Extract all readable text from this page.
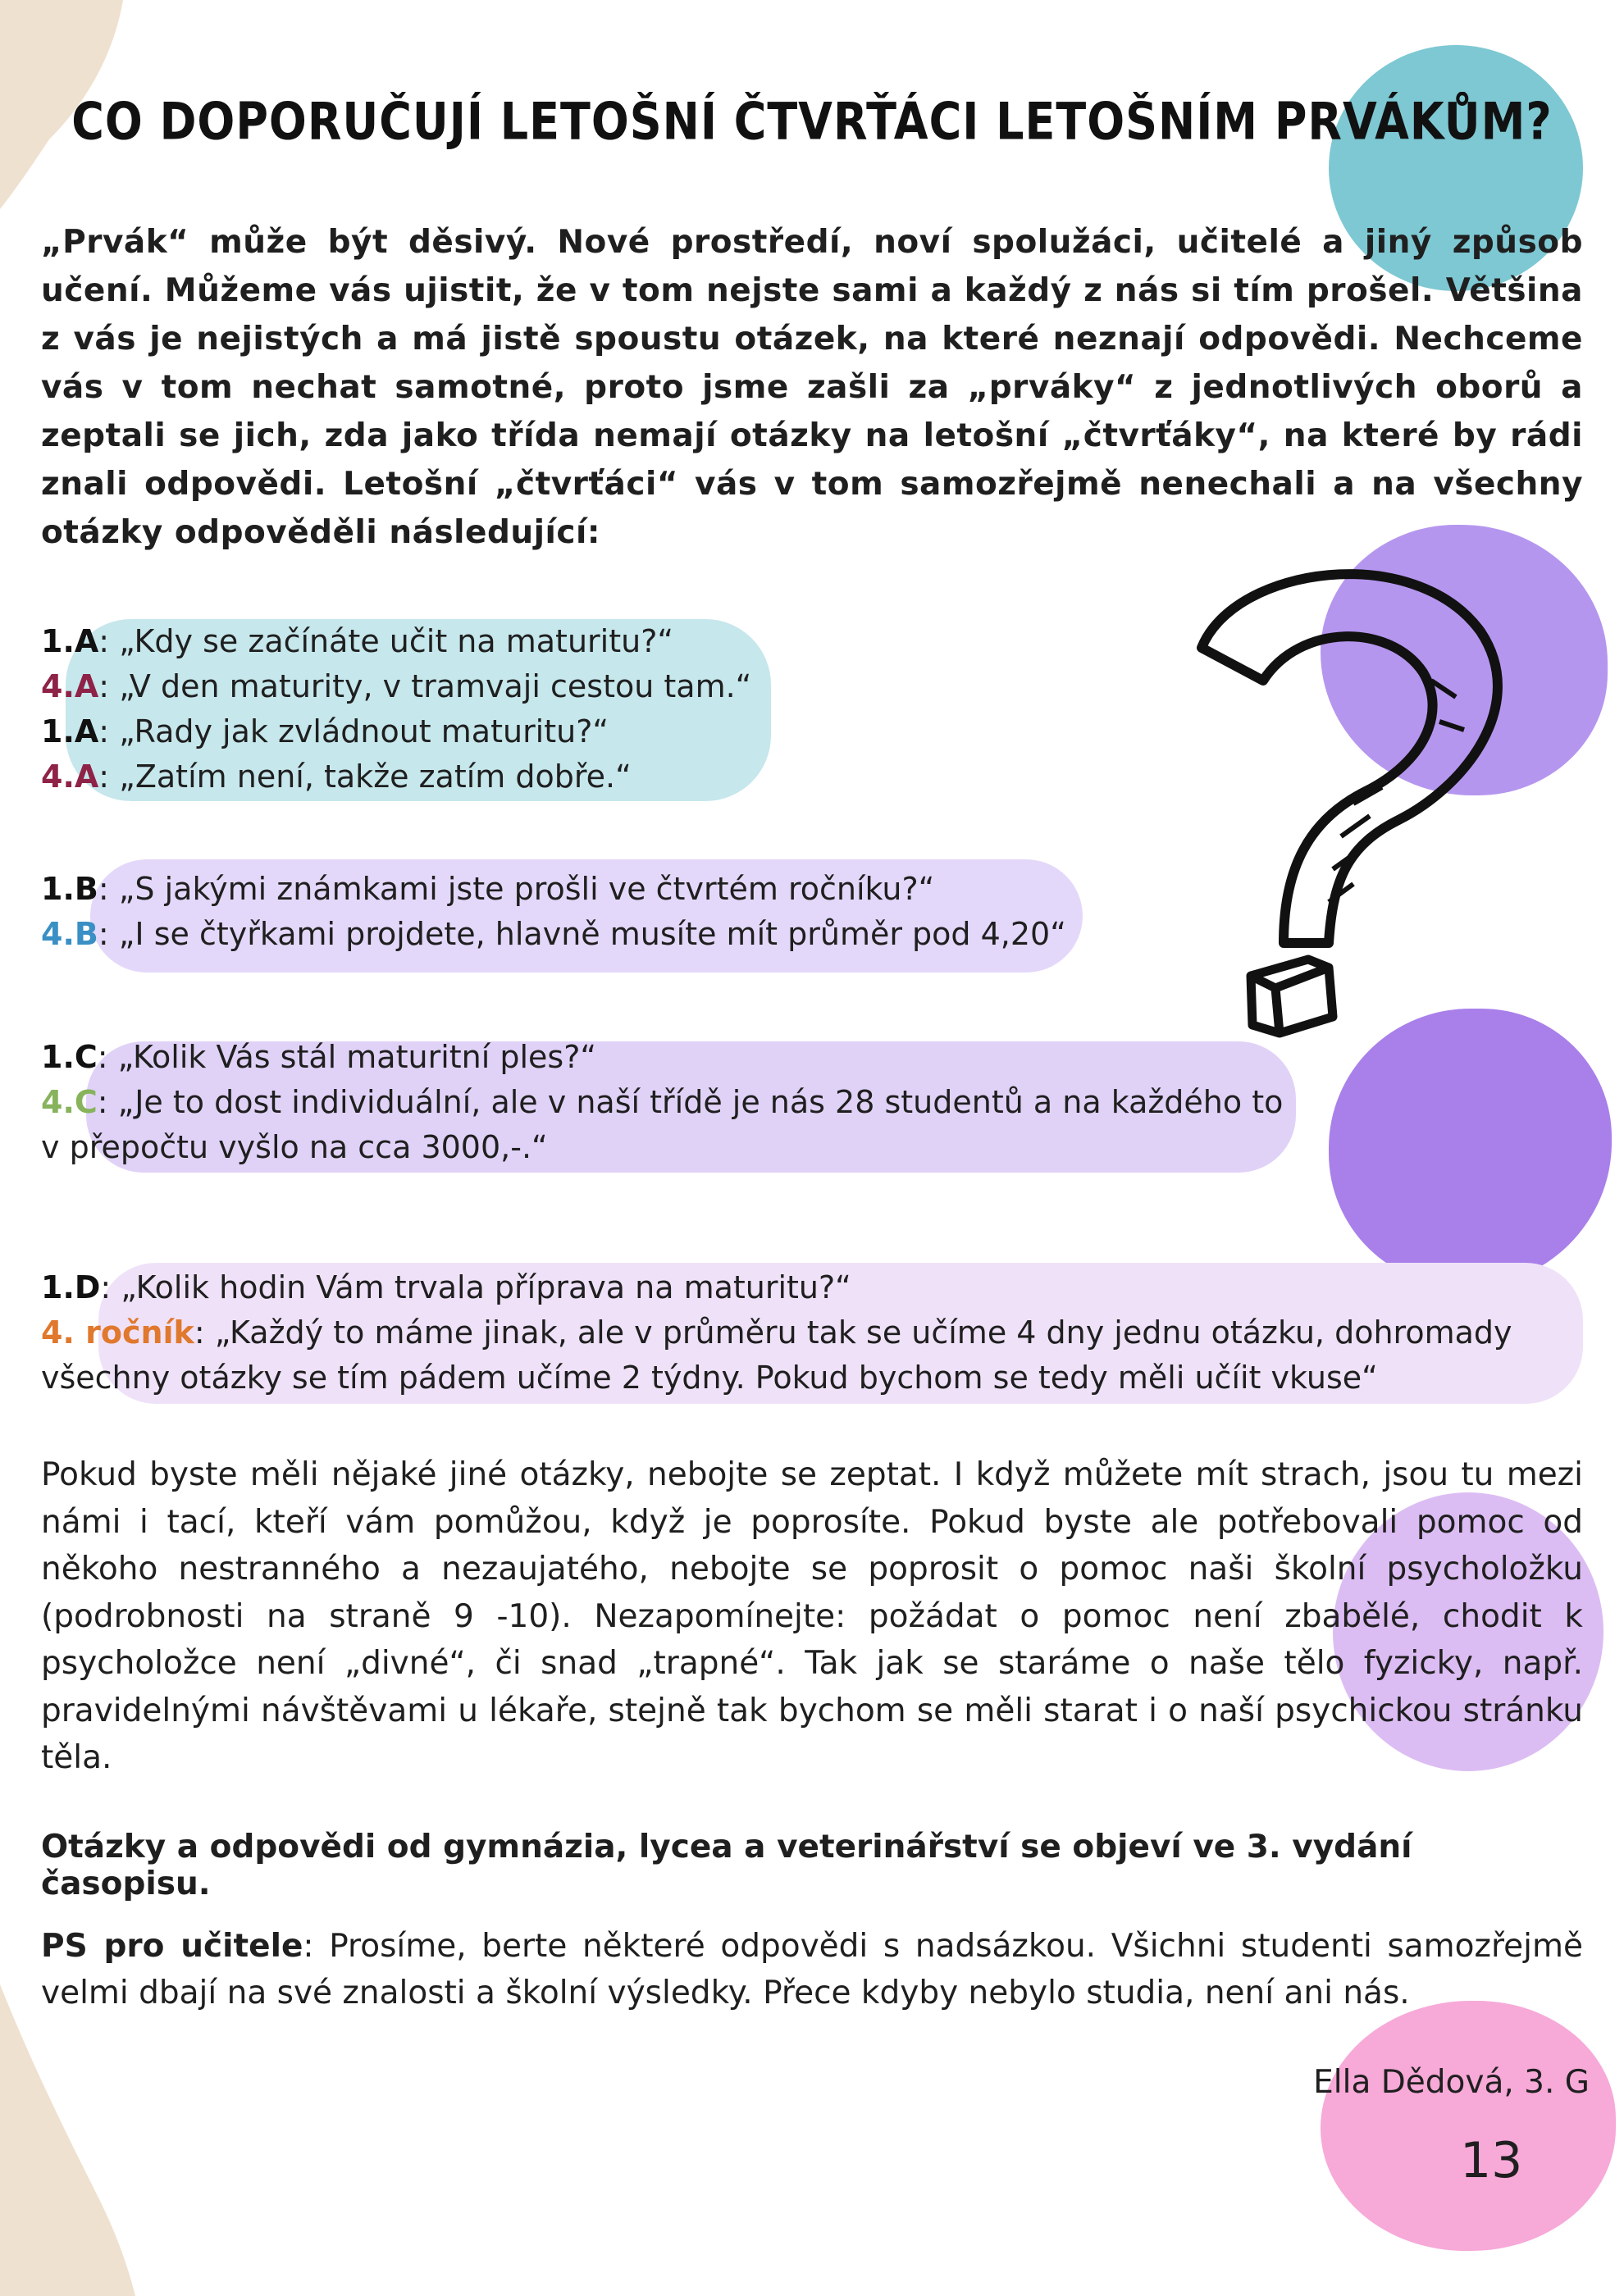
CO DOPORUČUJÍ LETOŠNÍ ČTVRŤÁCI LETOŠNÍM PRVÁKŮM?
„Prvák“ může být děsivý. Nové prostředí, noví spolužáci, učitelé a jiný způsob učení. Můžeme vás ujistit, že v tom nejste sami a každý z nás si tím prošel. Většina z vás je nejistých a má jistě spoustu otázek, na které neznají odpovědi. Nechceme vás v tom nechat samotné, proto jsme zašli za „prváky“ z jednotlivých oborů a zeptali se jich, zda jako třída nemají otázky na letošní „čtvrťáky“, na které by rádi znali odpovědi. Letošní „čtvrťáci“ vás v tom samozřejmě nenechali a na všechny otázky odpověděli následující:
1.A: „Kdy se začínáte učit na maturitu?“
4.A: „V den maturity, v tramvaji cestou tam.“
1.A: „Rady jak zvládnout maturitu?“
4.A: „Zatím není, takže zatím dobře.“
1.B: „S jakými známkami jste prošli ve čtvrtém ročníku?“
4.B: „I se čtyřkami projdete, hlavně musíte mít průměr pod 4,20“
1.C: „Kolik Vás stál maturitní ples?“
4.C: „Je to dost individuální, ale v naší třídě je nás 28 studentů a na každého to v přepočtu vyšlo na cca 3000,-.“
1.D: „Kolik hodin Vám trvala příprava na maturitu?“
4. ročník: „Každý to máme jinak, ale v průměru tak se učíme 4 dny jednu otázku, dohromady všechny otázky se tím pádem učíme 2 týdny. Pokud bychom se tedy měli učíit vkuse“
Pokud byste měli nějaké jiné otázky, nebojte se zeptat. I když můžete mít strach, jsou tu mezi námi i tací, kteří vám pomůžou, když je poprosíte. Pokud byste ale potřebovali pomoc od někoho nestranného a nezaujatého, nebojte se poprosit o pomoc naši školní psycholožku (podrobnosti na straně 9 -10). Nezapomínejte: požádat o pomoc není zbabělé, chodit k psycholožce není „divné“, či snad „trapné“. Tak jak se staráme o naše tělo fyzicky, např. pravidelnými návštěvami u lékaře, stejně tak bychom se měli starat i o naší psychickou stránku těla.
Otázky a odpovědi od gymnázia, lycea a veterinářství se objeví ve 3. vydání časopisu.
PS pro učitele: Prosíme, berte některé odpovědi s nadsázkou. Všichni studenti samozřejmě velmi dbají na své znalosti a školní výsledky. Přece kdyby nebylo studia, není ani nás.
Ella Dědová, 3. G
13
